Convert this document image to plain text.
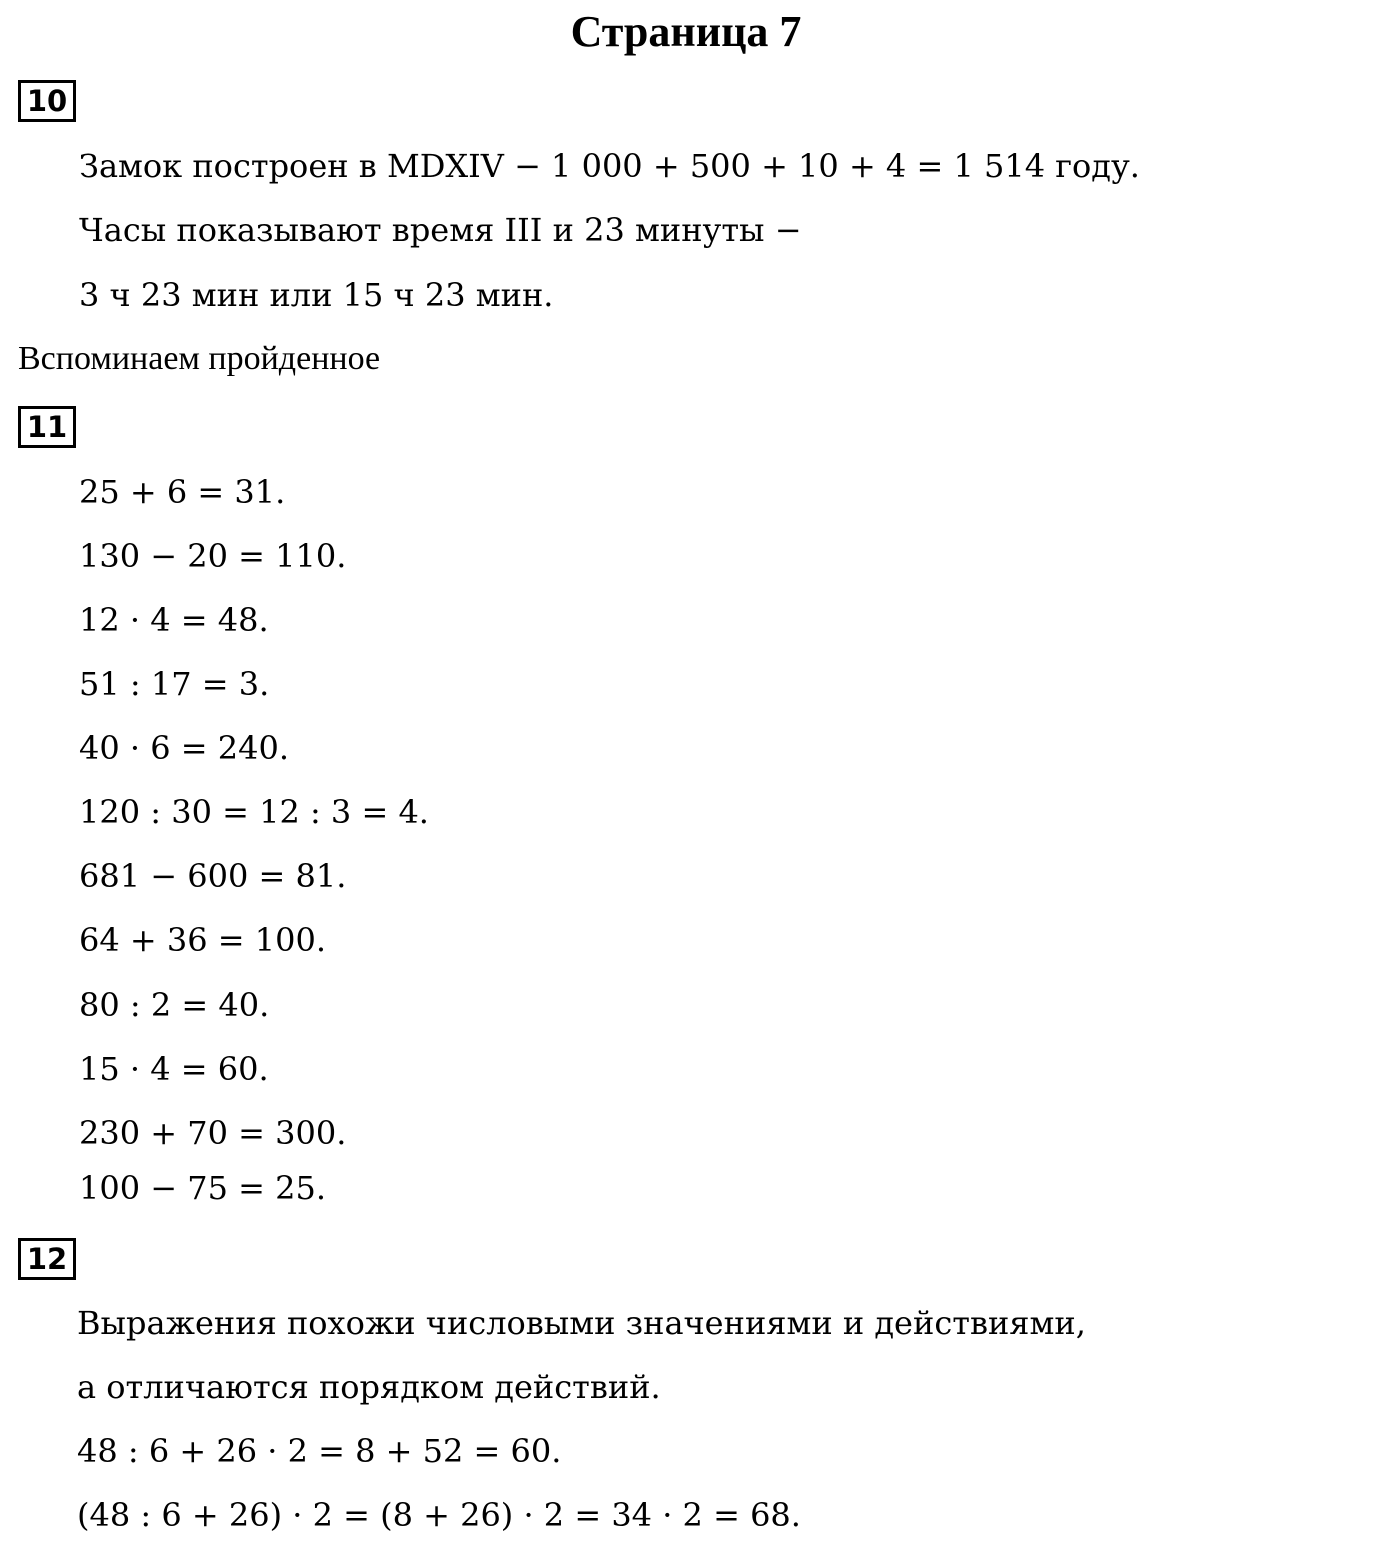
Страница 7
10
Замок построен в MDXIV − 1 000 + 500 + 10 + 4 = 1 514 году.
Часы показывают время III и 23 минуты −
3 ч 23 мин или 15 ч 23 мин.
Вспоминаем пройденное
11
25 + 6 = 31.
130 − 20 = 110.
12 · 4 = 48.
51 : 17 = 3.
40 · 6 = 240.
120 : 30 = 12 : 3 = 4.
681 − 600 = 81.
64 + 36 = 100.
80 : 2 = 40.
15 · 4 = 60.
230 + 70 = 300.
100 − 75 = 25.
12
Выражения похожи числовыми значениями и действиями,
а отличаются порядком действий.
48 : 6 + 26 · 2 = 8 + 52 = 60.
(48 : 6 + 26) · 2 = (8 + 26) · 2 = 34 · 2 = 68.
